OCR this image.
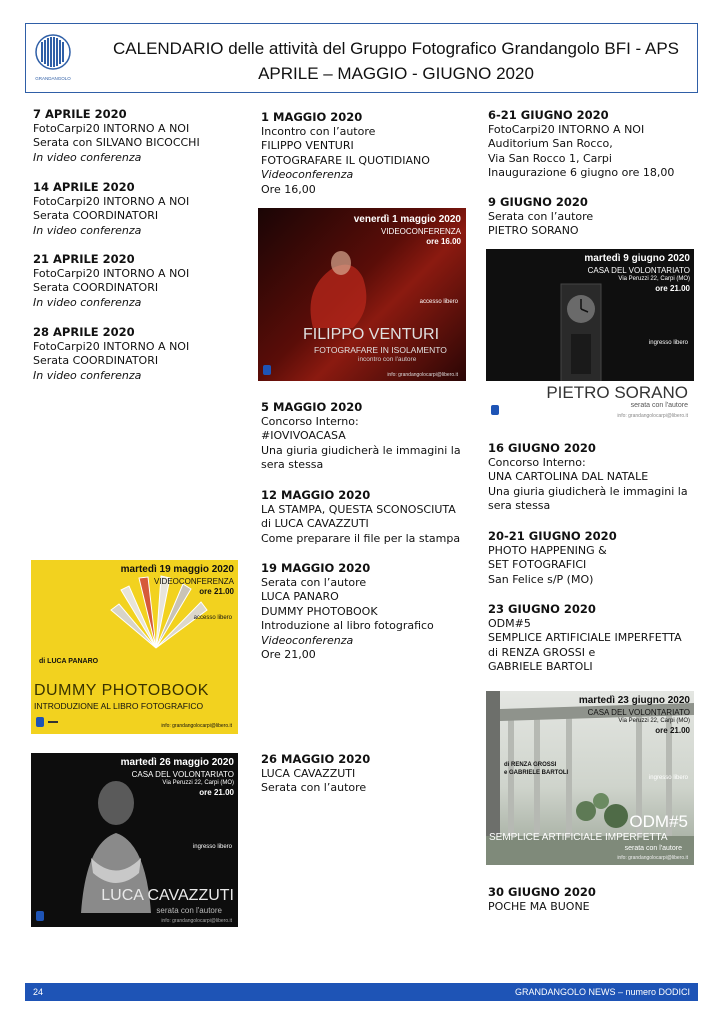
GRANDANGOLO
CALENDARIO delle attività del Gruppo Fotografico Grandangolo BFI - APS
APRILE – MAGGIO - GIUGNO 2020
7 APRILE 2020
FotoCarpi20 INTORNO A NOI
Serata con SILVANO BICOCCHI
In video conferenza
14 APRILE 2020
FotoCarpi20 INTORNO A NOI
Serata COORDINATORI
In video conferenza
21 APRILE 2020
FotoCarpi20 INTORNO A NOI
Serata COORDINATORI
In video conferenza
28 APRILE 2020
FotoCarpi20 INTORNO A NOI
Serata COORDINATORI
In video conferenza
martedì 19 maggio 2020
VIDEOCONFERENZA
ore 21.00
accesso libero
di LUCA PANARO
DUMMY PHOTOBOOK
INTRODUZIONE AL LIBRO FOTOGRAFICO
info: grandangolocarpi@libero.it
martedì 26 maggio 2020
CASA DEL VOLONTARIATO
Via Peruzzi 22, Carpi (MO)
ore 21.00
ingresso libero
LUCA CAVAZZUTI
serata con l'autore
info: grandangolocarpi@libero.it
1 MAGGIO 2020
Incontro con l’autore
FILIPPO VENTURI
FOTOGRAFARE IL QUOTIDIANO
Videoconferenza
Ore 16,00
5 MAGGIO 2020
Concorso Interno:
#IOVIVOACASA
Una giuria giudicherà le immagini la
sera stessa
12 MAGGIO 2020
LA STAMPA, QUESTA SCONOSCIUTA
di LUCA CAVAZZUTI
Come preparare il file per la stampa
19 MAGGIO 2020
Serata con l’autore
LUCA PANARO
DUMMY PHOTOBOOK
Introduzione al libro fotografico
Videoconferenza
Ore 21,00
26 MAGGIO 2020
LUCA CAVAZZUTI
Serata con l’autore
venerdì 1 maggio 2020
VIDEOCONFERENZA
ore 16.00
accesso libero
FILIPPO VENTURI
FOTOGRAFARE IN ISOLAMENTO
incontro con l'autore
info: grandangolocarpi@libero.it
6-21 GIUGNO 2020
FotoCarpi20 INTORNO A NOI
Auditorium San Rocco,
Via San Rocco 1, Carpi
Inaugurazione 6 giugno ore 18,00
9 GIUGNO 2020
Serata con l’autore
PIETRO SORANO
16 GIUGNO 2020
Concorso Interno:
UNA CARTOLINA DAL NATALE
Una giuria giudicherà le immagini la
sera stessa
20-21 GIUGNO 2020
PHOTO HAPPENING &
SET FOTOGRAFICI
San Felice s/P (MO)
23 GIUGNO 2020
ODM#5
SEMPLICE ARTIFICIALE IMPERFETTA
di RENZA GROSSI e
GABRIELE BARTOLI
30 GIUGNO 2020
POCHE MA BUONE
martedì 9 giugno 2020
CASA DEL VOLONTARIATO
Via Peruzzi 22, Carpi (MO)
ore 21.00
ingresso libero
PIETRO SORANO
serata con l'autore
info: grandangolocarpi@libero.it
martedì 23 giugno 2020
CASA DEL VOLONTARIATO
Via Peruzzi 22, Carpi (MO)
ore 21.00
ingresso libero
di RENZA GROSSI
e GABRIELE BARTOLI
ODM#5
SEMPLICE ARTIFICIALE IMPERFETTA
serata con l'autore
info: grandangolocarpi@libero.it
24	GRANDANGOLO NEWS – numero DODICI
